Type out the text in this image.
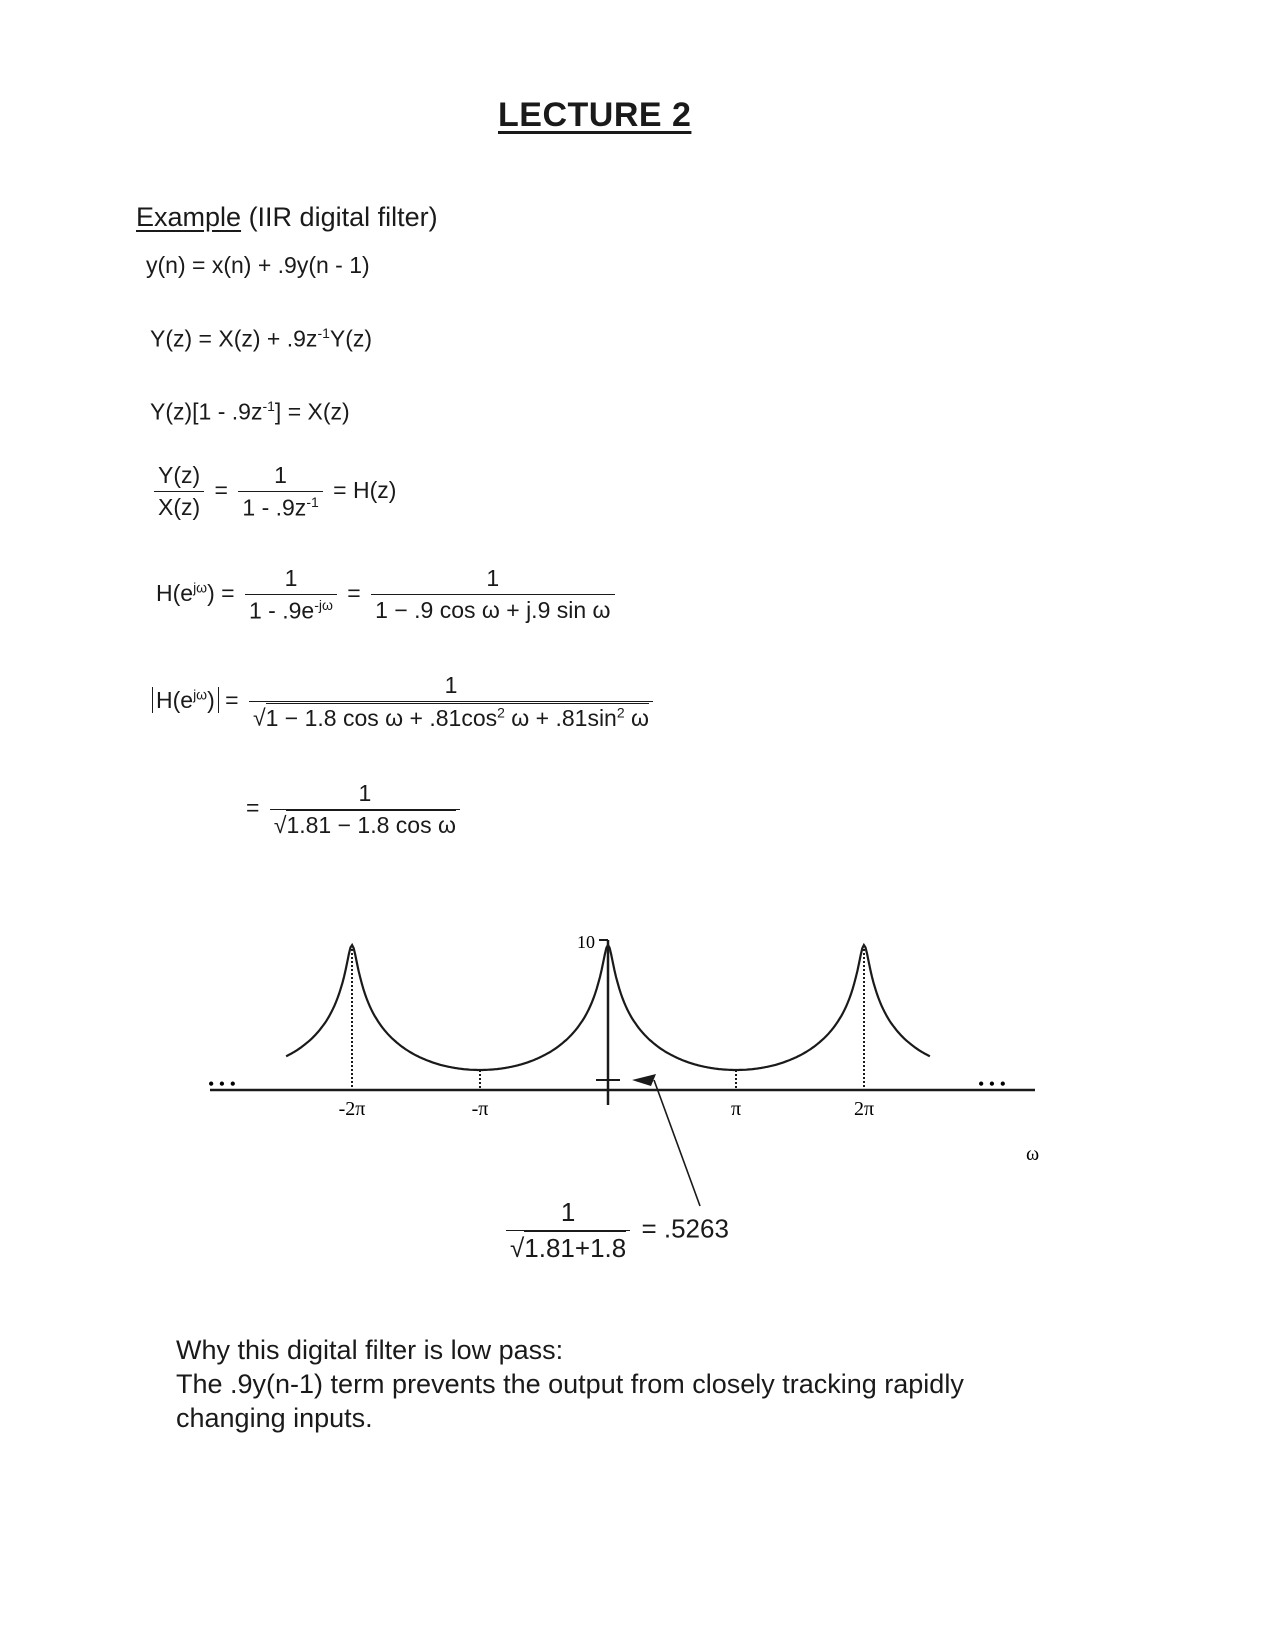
LECTURE 2
Example (IIR digital filter)
y(n) = x(n) + .9y(n - 1)
$Y(z) = X(z) + .9z^{-1}Y(z)$
$Y(z)[1 - .9z^{-1}] = X(z)$
$\frac{Y(z)}{X(z)} = \frac{1}{1 - .9z^{-1}} = H(z)$
$H(e^{j\omega}) = \frac{1}{1 - .9e^{-j\omega}} = \frac{1}{\text{1 − .9 cos ω + j.9 sin ω}}$
$H(e^{j\omega}) = \frac{1}{√1 - 1.8 \cos \omega + .81\cos^2 \omega + .81\sin^2 \omega}$
= $\frac{1}{\text{√1.81 − 1.8 cos ω}}$
-2π	-π	π	2π
10
ω
• • •	• • •
$\frac{1}{√1.81+1.8} = .5263$
Why this digital filter is low pass:
The .9y(n-1) term prevents the output from closely tracking rapidly
changing inputs.
